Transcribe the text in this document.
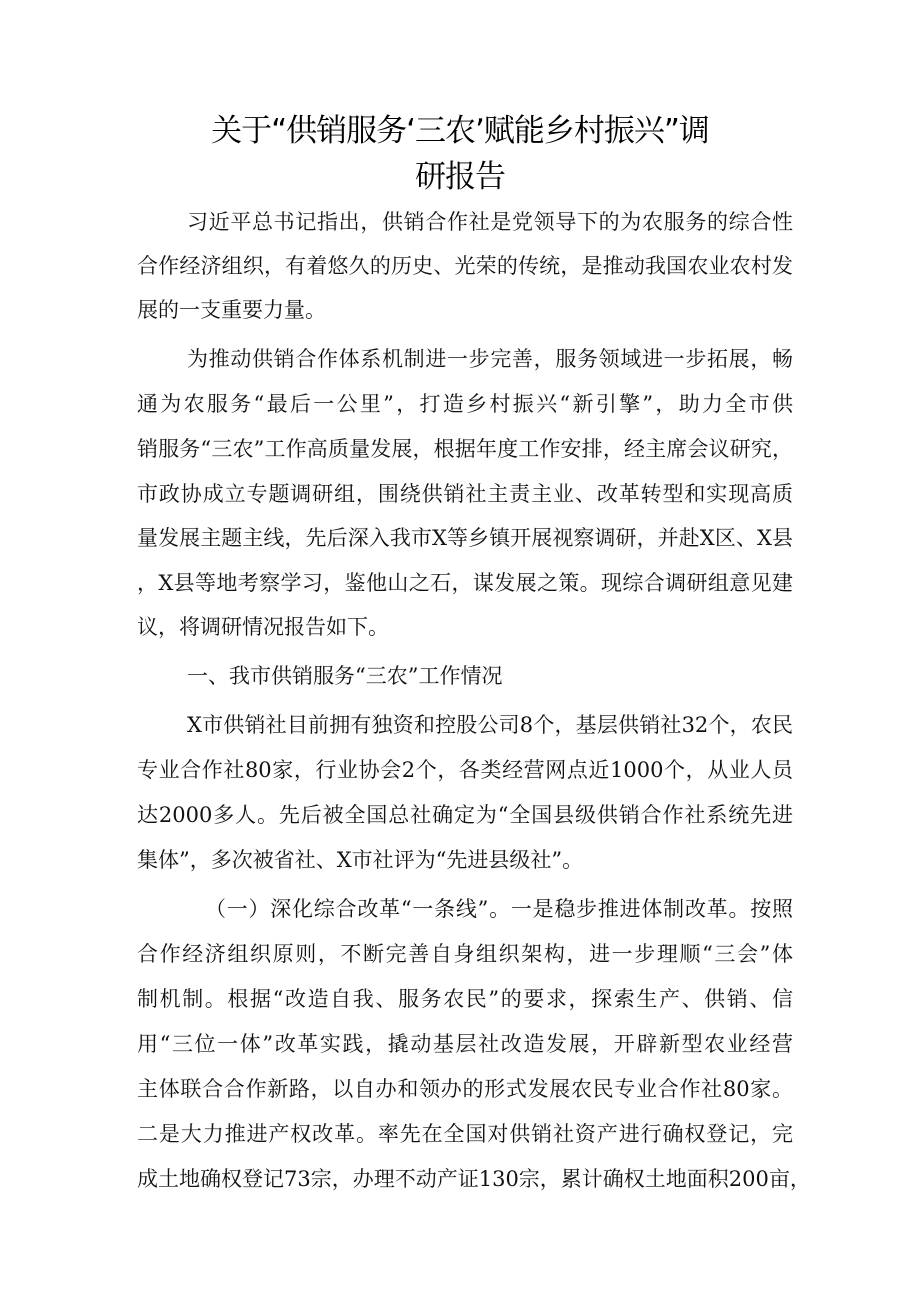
关于“供销服务‘三农’赋能乡村振兴”调
研报告

习近平总书记指出，供销合作社是党领导下的为农服务的综合性

合作经济组织，有着悠久的历史、光荣的传统，是推动我国农业农村发

展的一支重要力量。

为推动供销合作体系机制进一步完善，服务领域进一步拓展，畅

通为农服务“最后一公里”，打造乡村振兴“新引擎”，助力全市供

销服务“三农”工作高质量发展，根据年度工作安排，经主席会议研究，

市政协成立专题调研组，围绕供销社主责主业、改革转型和实现高质

量发展主题主线，先后深入我市X等乡镇开展视察调研，并赴X区、X县

，X县等地考察学习，鉴他山之石，谋发展之策。现综合调研组意见建

议，将调研情况报告如下。

一、我市供销服务“三农”工作情况

X市供销社目前拥有独资和控股公司8个，基层供销社32个，农民

专业合作社80家，行业协会2个，各类经营网点近1000个，从业人员

达2000多人。先后被全国总社确定为“全国县级供销合作社系统先进

集体”，多次被省社、X市社评为“先进县级社”。

（一）深化综合改革“一条线”。一是稳步推进体制改革。按照

合作经济组织原则，不断完善自身组织架构，进一步理顺“三会”体

制机制。根据“改造自我、服务农民”的要求，探索生产、供销、信

用“三位一体”改革实践，撬动基层社改造发展，开辟新型农业经营

主体联合合作新路，以自办和领办的形式发展农民专业合作社80家。

二是大力推进产权改革。率先在全国对供销社资产进行确权登记，完

成土地确权登记73宗，办理不动产证130宗，累计确权土地面积200亩，
